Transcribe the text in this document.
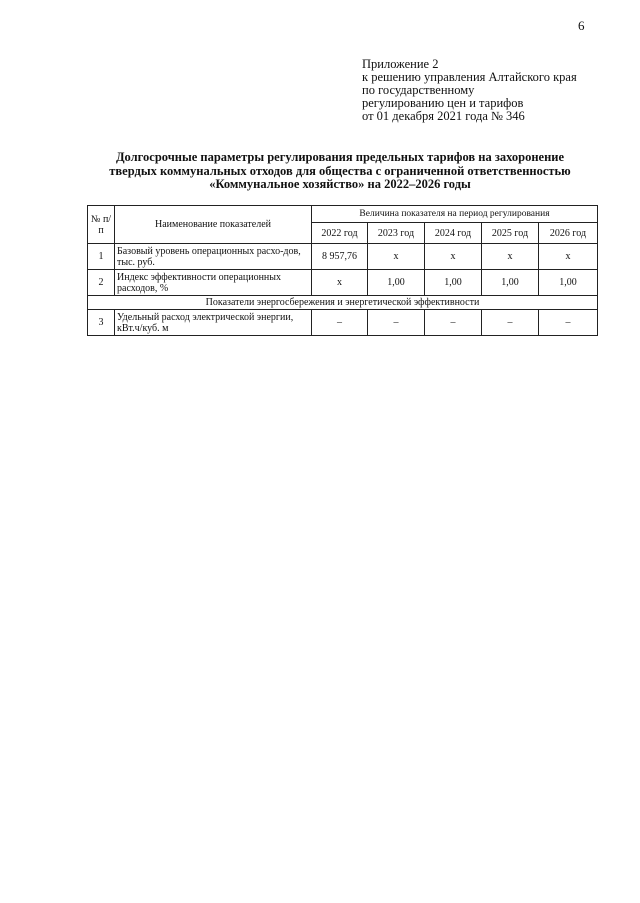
6
Приложение 2
к решению управления Алтайского края
по государственному
регулированию цен и тарифов
от 01 декабря 2021 года № 346
Долгосрочные параметры регулирования предельных тарифов на захоронение
твердых коммунальных отходов для общества с ограниченной ответственностью
«Коммунальное хозяйство» на 2022–2026 годы
№ п/п	Наименование показателей	Величина показателя на период регулирования				
		2022 год	2023 год	2024 год	2025 год	2026 год
1	Базовый уровень операционных расхо-дов, тыс. руб.	8 957,76	х	х	х	х
2	Индекс эффективности операционных расходов, %	х	1,00	1,00	1,00	1,00
Показатели энергосбережения и энергетической эффективности						
3	Удельный расход электрической энергии, кВт.ч/куб. м	–	–	–	–	–
